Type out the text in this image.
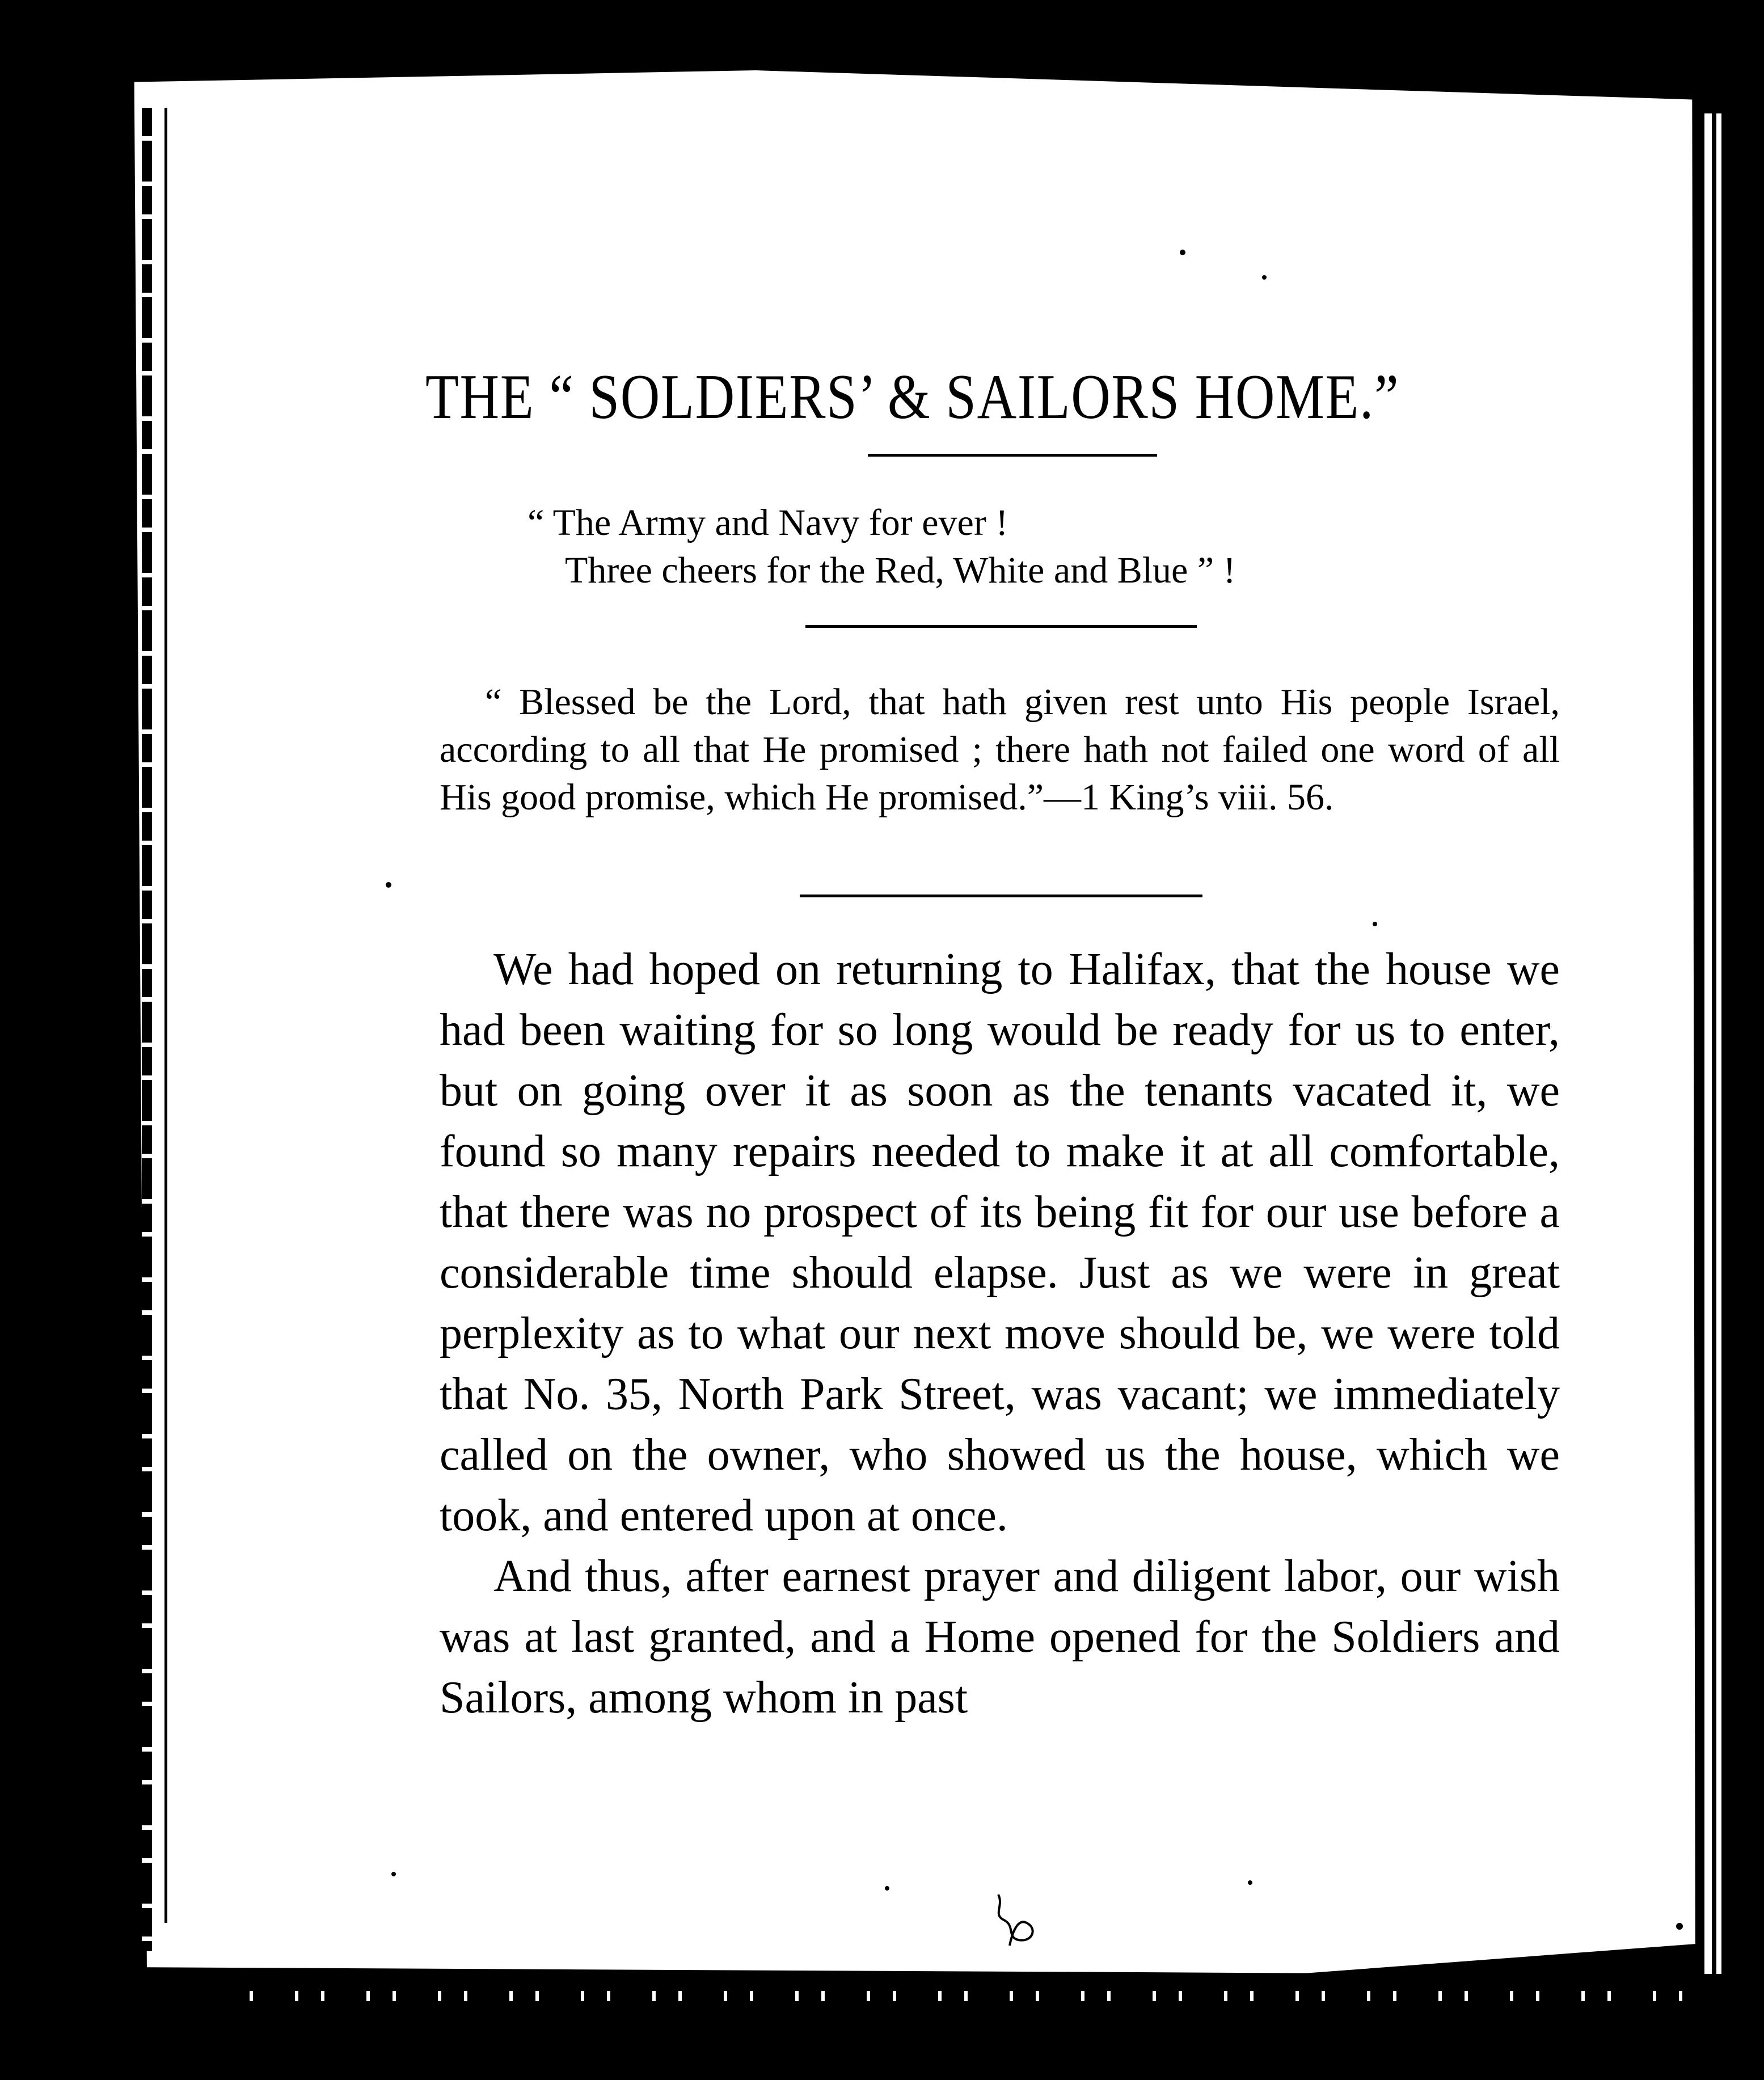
THE “ SOLDIERS’ & SAILORS HOME.”
“ The Army and Navy for ever !
Three cheers for the Red, White and Blue ” !
“ Blessed be the Lord, that hath given rest unto His people Israel, according to all that He promised ; there hath not failed one word of all His good promise, which He promised.”—1 King’s viii. 56.
We had hoped on returning to Halifax, that the house we had been waiting for so long would be ready for us to enter, but on going over it as soon as the tenants vacated it, we found so many repairs needed to make it at all comfortable, that there was no prospect of its being fit for our use before a considerable time should elapse. Just as we were in great perplexity as to what our next move should be, we were told that No. 35, North Park Street, was vacant; we immediately called on the owner, who showed us the house, which we took, and entered upon at once.
And thus, after earnest prayer and diligent labor, our wish was at last granted, and a Home opened for the Soldiers and Sailors, among whom in past
